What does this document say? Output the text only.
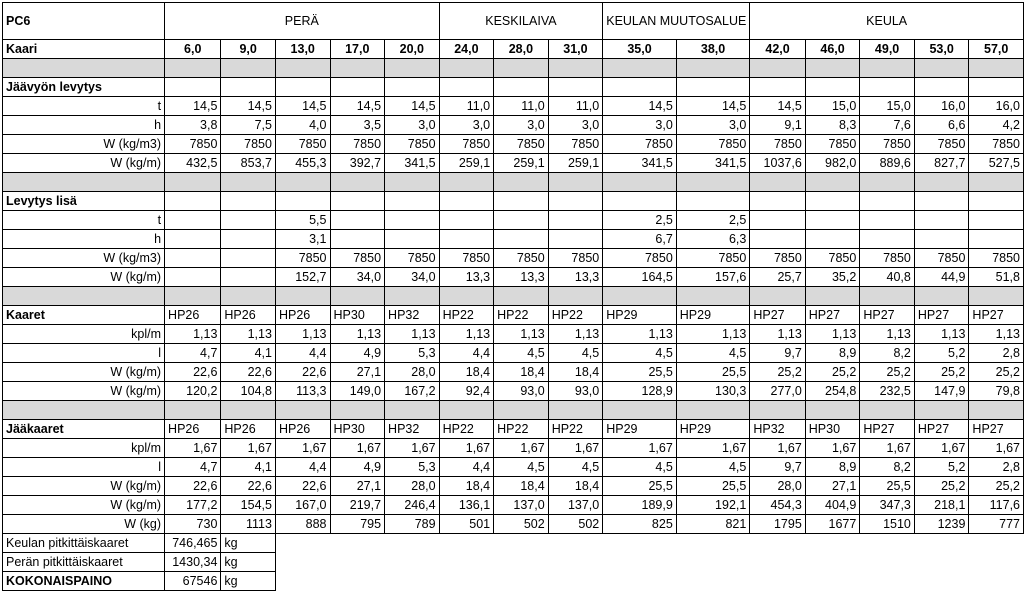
PC6	PERÄ					KESKILAIVA			KEULAN MUUTOSALUE		KEULA				
Kaari	6,0	9,0	13,0	17,0	20,0	24,0	28,0	31,0	35,0	38,0	42,0	46,0	49,0	53,0	57,0

Jäävyön levytys															
t	14,5	14,5	14,5	14,5	14,5	11,0	11,0	11,0	14,5	14,5	14,5	15,0	15,0	16,0	16,0
h	3,8	7,5	4,0	3,5	3,0	3,0	3,0	3,0	3,0	3,0	9,1	8,3	7,6	6,6	4,2
W (kg/m3)	7850	7850	7850	7850	7850	7850	7850	7850	7850	7850	7850	7850	7850	7850	7850
W (kg/m)	432,5	853,7	455,3	392,7	341,5	259,1	259,1	259,1	341,5	341,5	1037,6	982,0	889,6	827,7	527,5

Levytys lisä															
t			5,5						2,5	2,5					
h			3,1						6,7	6,3					
W (kg/m3)			7850	7850	7850	7850	7850	7850	7850	7850	7850	7850	7850	7850	7850
W (kg/m)			152,7	34,0	34,0	13,3	13,3	13,3	164,5	157,6	25,7	35,2	40,8	44,9	51,8

Kaaret	HP26	HP26	HP26	HP30	HP32	HP22	HP22	HP22	HP29	HP29	HP27	HP27	HP27	HP27	HP27
kpl/m	1,13	1,13	1,13	1,13	1,13	1,13	1,13	1,13	1,13	1,13	1,13	1,13	1,13	1,13	1,13
l	4,7	4,1	4,4	4,9	5,3	4,4	4,5	4,5	4,5	4,5	9,7	8,9	8,2	5,2	2,8
W (kg/m)	22,6	22,6	22,6	27,1	28,0	18,4	18,4	18,4	25,5	25,5	25,2	25,2	25,2	25,2	25,2
W (kg/m)	120,2	104,8	113,3	149,0	167,2	92,4	93,0	93,0	128,9	130,3	277,0	254,8	232,5	147,9	79,8

Jääkaaret	HP26	HP26	HP26	HP30	HP32	HP22	HP22	HP22	HP29	HP29	HP32	HP30	HP27	HP27	HP27
kpl/m	1,67	1,67	1,67	1,67	1,67	1,67	1,67	1,67	1,67	1,67	1,67	1,67	1,67	1,67	1,67
l	4,7	4,1	4,4	4,9	5,3	4,4	4,5	4,5	4,5	4,5	9,7	8,9	8,2	5,2	2,8
W (kg/m)	22,6	22,6	22,6	27,1	28,0	18,4	18,4	18,4	25,5	25,5	28,0	27,1	25,5	25,2	25,2
W (kg/m)	177,2	154,5	167,0	219,7	246,4	136,1	137,0	137,0	189,9	192,1	454,3	404,9	347,3	218,1	117,6
W (kg)	730	1113	888	795	789	501	502	502	825	821	1795	1677	1510	1239	777
Keulan pitkittäiskaaret	746,465	kg													
Perän pitkittäiskaaret	1430,34	kg													
KOKONAISPAINO	67546	kg													
